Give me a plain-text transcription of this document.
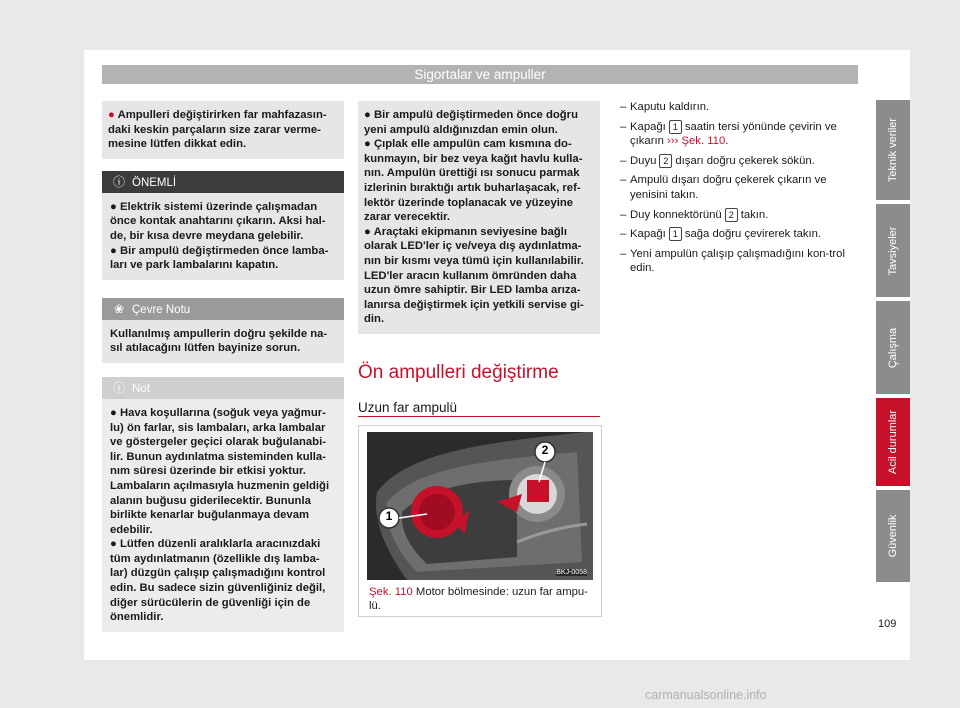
Sigortalar ve ampuller
● Ampulleri değiştirirken far mahfazasın-daki keskin parçaların size zarar verme-mesine lütfen dikkat edin.
ⓘ ÖNEMLİ

● Elektrik sistemi üzerinde çalışmadan önce kontak anahtarını çıkarın. Aksi hal-de, bir kısa devre meydana gelebilir.

● Bir ampulü değiştirmeden önce lamba-ları ve park lambalarını kapatın.

❀ Çevre Notu
Kullanılmış ampullerin doğru şekilde na-sıl atılacağını lütfen bayinize sorun.
ⓘ Not

● Hava koşullarına (soğuk veya yağmur-lu) ön farlar, sis lambaları, arka lambalar ve göstergeler geçici olarak buğulanabi-lir. Bunun aydınlatma sisteminden kulla-nım süresi üzerinde bir etkisi yoktur. Lambaların açılmasıyla huzmenin geldiği alanın buğusu giderilecektir. Bununla birlikte kenarlar buğulanmaya devam edebilir.

● Lütfen düzenli aralıklarla aracınızdaki tüm aydınlatmanın (özellikle dış lamba-lar) düzgün çalışıp çalışmadığını kontrol edin. Bu sadece sizin güvenliğiniz değil, diğer sürücülerin de güvenliği için de önemlidir.

● Bir ampulü değiştirmeden önce doğru yeni ampulü aldığınızdan emin olun.

● Çıplak elle ampulün cam kısmına do-kunmayın, bir bez veya kağıt havlu kulla-nın. Ampulün ürettiği ısı sonucu parmak izlerinin bıraktığı artık buharlaşacak, ref-lektör üzerinde toplanacak ve yüzeyine zarar verecektir.

● Araçtaki ekipmanın seviyesine bağlı olarak LED'ler iç ve/veya dış aydınlatma-nın bir kısmı veya tümü için kullanılabilir. LED'ler aracın kullanım ömründen daha uzun ömre sahiptir. Bir LED lamba arıza-lanırsa değiştirmek için yetkili servise gi-din.

Ön ampulleri değiştirme
Uzun far ampulü
1
2
BKJ-0058
Şek. 110 Motor bölmesinde: uzun far ampu-lü.
– Kaputu kaldırın.
– Kapağı 1 saatin tersi yönünde çevirin ve çıkarın ››› Şek. 110.
– Duyu 2 dışarı doğru çekerek sökün.
– Ampulü dışarı doğru çekerek çıkarın ve yenisini takın.
– Duy konnektörünü 2 takın.
– Kapağı 1 sağa doğru çevirerek takın.
– Yeni ampulün çalışıp çalışmadığını kon-trol edin.
Teknik veriler
Tavsiyeler
Çalışma
Acil durumlar
Güvenlik
109
carmanualsonline.info
